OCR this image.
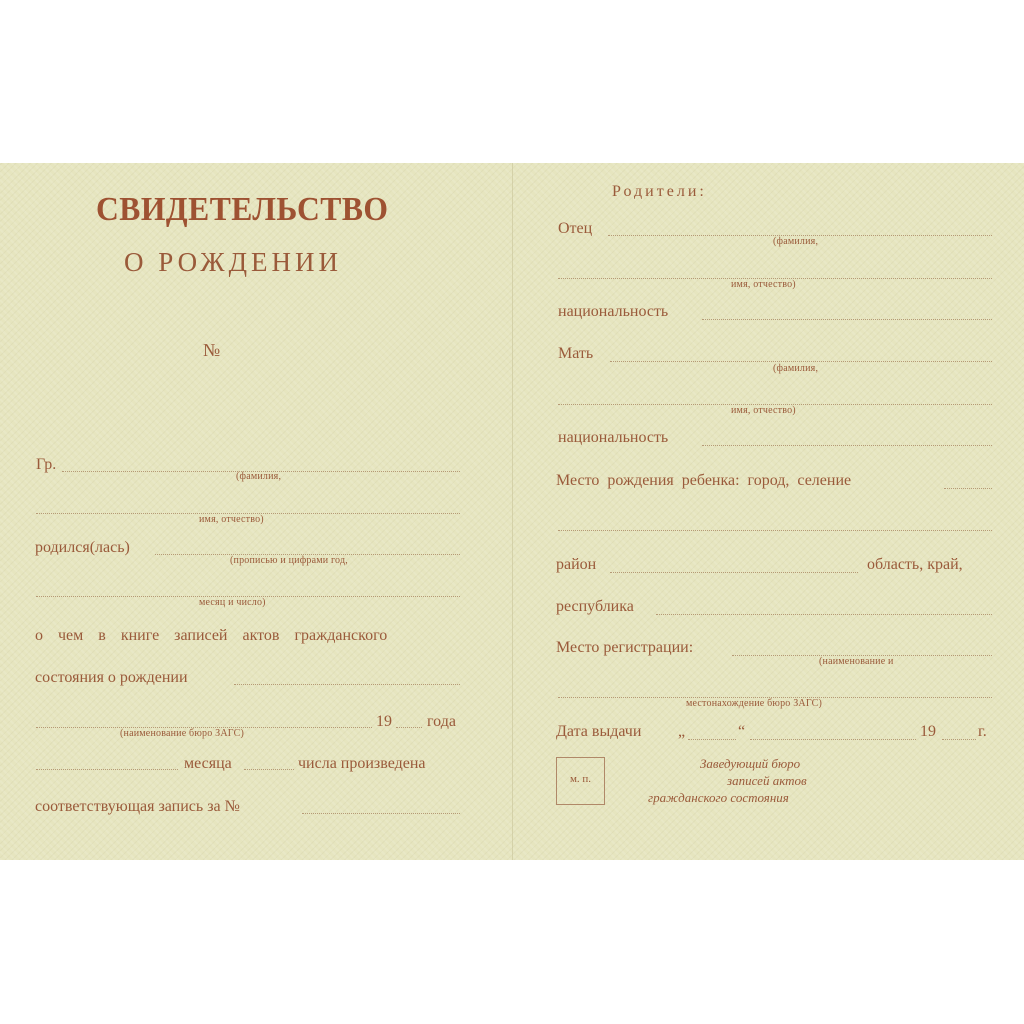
СВИДЕТЕЛЬСТВО
О РОЖДЕНИИ
№
Гр.
(фамилия,
имя, отчество)
родился(лась)
(прописью и цифрами год,
месяц и число)
о чем в книге записей актов гражданского
состояния о рождении
19 года
(наименование бюро ЗАГС)
месяца	числа произведена
соответствующая запись за №
Родители:
Отец
(фамилия,
имя, отчество)
национальность
Мать
(фамилия,
имя, отчество)
национальность
Место рождения ребенка: город, селение
район	область, край,
республика
Место регистрации:
(наименование и
местонахождение бюро ЗАГС)
Дата выдачи „	“	19	г.
м. п.
Заведующий бюро
записей актов
гражданского состояния
